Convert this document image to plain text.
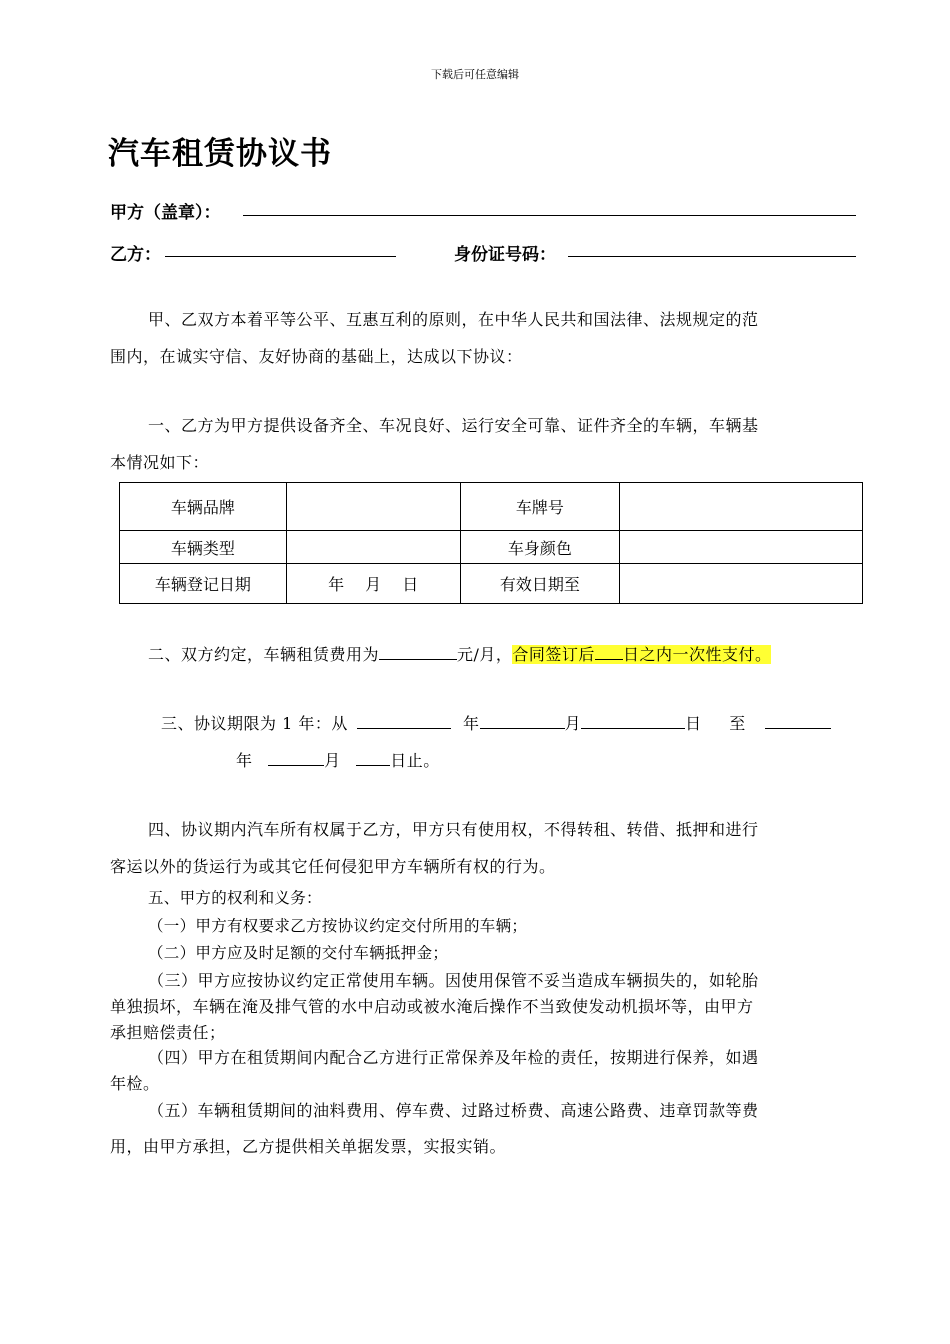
下载后可任意编辑
汽车租赁协议书
甲方（盖章）：
乙方：	身份证号码：
甲、乙双方本着平等公平、互惠互利的原则，在中华人民共和国法律、法规规定的范
围内，在诚实守信、友好协商的基础上，达成以下协议：
一、乙方为甲方提供设备齐全、车况良好、运行安全可靠、证件齐全的车辆，车辆基
本情况如下：
车辆品牌		车牌号	
车辆类型		车身颜色	
车辆登记日期	年　 月　 日	有效日期至	
二、双方约定，车辆租赁费用为	元/月，合同签订后 日之内一次性支付。
三、协议期限为 1 年：从	年	月	日 至
年	月	日止。
四、协议期内汽车所有权属于乙方，甲方只有使用权，不得转租、转借、抵押和进行
客运以外的货运行为或其它任何侵犯甲方车辆所有权的行为。
五、甲方的权利和义务：
（一）甲方有权要求乙方按协议约定交付所用的车辆；
（二）甲方应及时足额的交付车辆抵押金；
（三）甲方应按协议约定正常使用车辆。因使用保管不妥当造成车辆损失的，如轮胎
单独损坏，车辆在淹及排气管的水中启动或被水淹后操作不当致使发动机损坏等，由甲方
承担赔偿责任；
（四）甲方在租赁期间内配合乙方进行正常保养及年检的责任，按期进行保养，如遇
年检。
（五）车辆租赁期间的油料费用、停车费、过路过桥费、高速公路费、违章罚款等费
用，由甲方承担，乙方提供相关单据发票，实报实销。
